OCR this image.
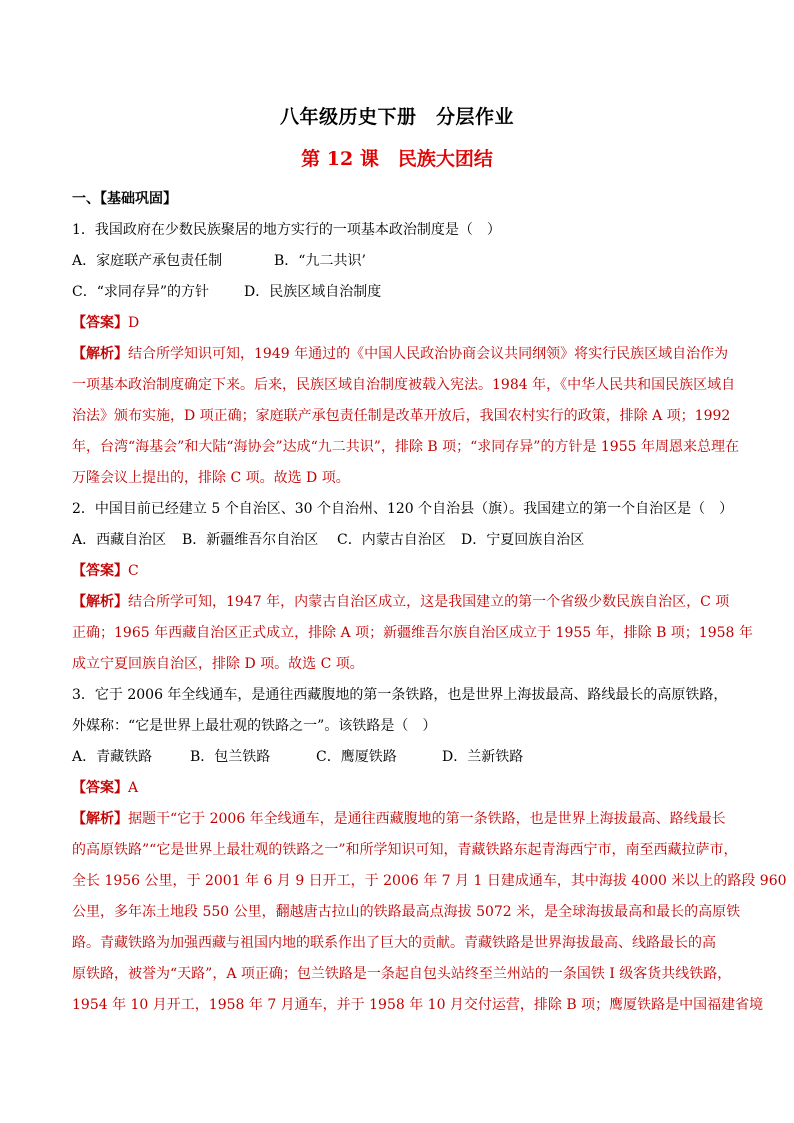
八年级历史下册　分层作业
第 12 课　民族大团结
一、【基础巩固】
1．我国政府在少数民族聚居的地方实行的一项基本政治制度是（　）
A．家庭联产承包责任制	B．“九二共识’
C．“求同存异”的方针 D．民族区域自治制度
【答案】D

【解析】结合所学知识可知，1949 年通过的《中国人民政治协商会议共同纲领》将实行民族区域自治作为

一项基本政治制度确定下来。后来，民族区域自治制度被载入宪法。1984 年，《中华人民共和国民族区域自

治法》颁布实施，D 项正确；家庭联产承包责任制是改革开放后，我国农村实行的政策，排除 A 项；1992

年，台湾“海基会”和大陆“海协会”达成“九二共识”，排除 B 项；“求同存异”的方针是 1955 年周恩来总理在

万隆会议上提出的，排除 C 项。故选 D 项。

2．中国目前已经建立 5 个自治区、30 个自治州、120 个自治县（旗）。我国建立的第一个自治区是（　）
A．西藏自治区 B．新疆维吾尔自治区 C．内蒙古自治区 D．宁夏回族自治区
【答案】C

【解析】结合所学可知，1947 年，内蒙古自治区成立，这是我国建立的第一个省级少数民族自治区，C 项

正确；1965 年西藏自治区正式成立，排除 A 项；新疆维吾尔族自治区成立于 1955 年，排除 B 项；1958 年

成立宁夏回族自治区，排除 D 项。故选 C 项。

3．它于 2006 年全线通车，是通往西藏腹地的第一条铁路，也是世界上海拔最高、路线最长的高原铁路，
外媒称：“它是世界上最壮观的铁路之一”。该铁路是（　）
A．青藏铁路	B．包兰铁路	C．鹰厦铁路	D．兰新铁路
【答案】A

【解析】据题干“它于 2006 年全线通车，是通往西藏腹地的第一条铁路，也是世界上海拔最高、路线最长

的高原铁路”“它是世界上最壮观的铁路之一”和所学知识可知，青藏铁路东起青海西宁市，南至西藏拉萨市，

全长 1956 公里，于 2001 年 6 月 9 日开工，于 2006 年 7 月 1 日建成通车，其中海拔 4000 米以上的路段 960

公里，多年冻土地段 550 公里，翻越唐古拉山的铁路最高点海拔 5072 米，是全球海拔最高和最长的高原铁

路。青藏铁路为加强西藏与祖国内地的联系作出了巨大的贡献。青藏铁路是世界海拔最高、线路最长的高

原铁路，被誉为“天路”，A 项正确；包兰铁路是一条起自包头站终至兰州站的一条国铁 Ⅰ 级客货共线铁路，

1954 年 10 月开工，1958 年 7 月通车，并于 1958 年 10 月交付运营，排除 B 项；鹰厦铁路是中国福建省境
